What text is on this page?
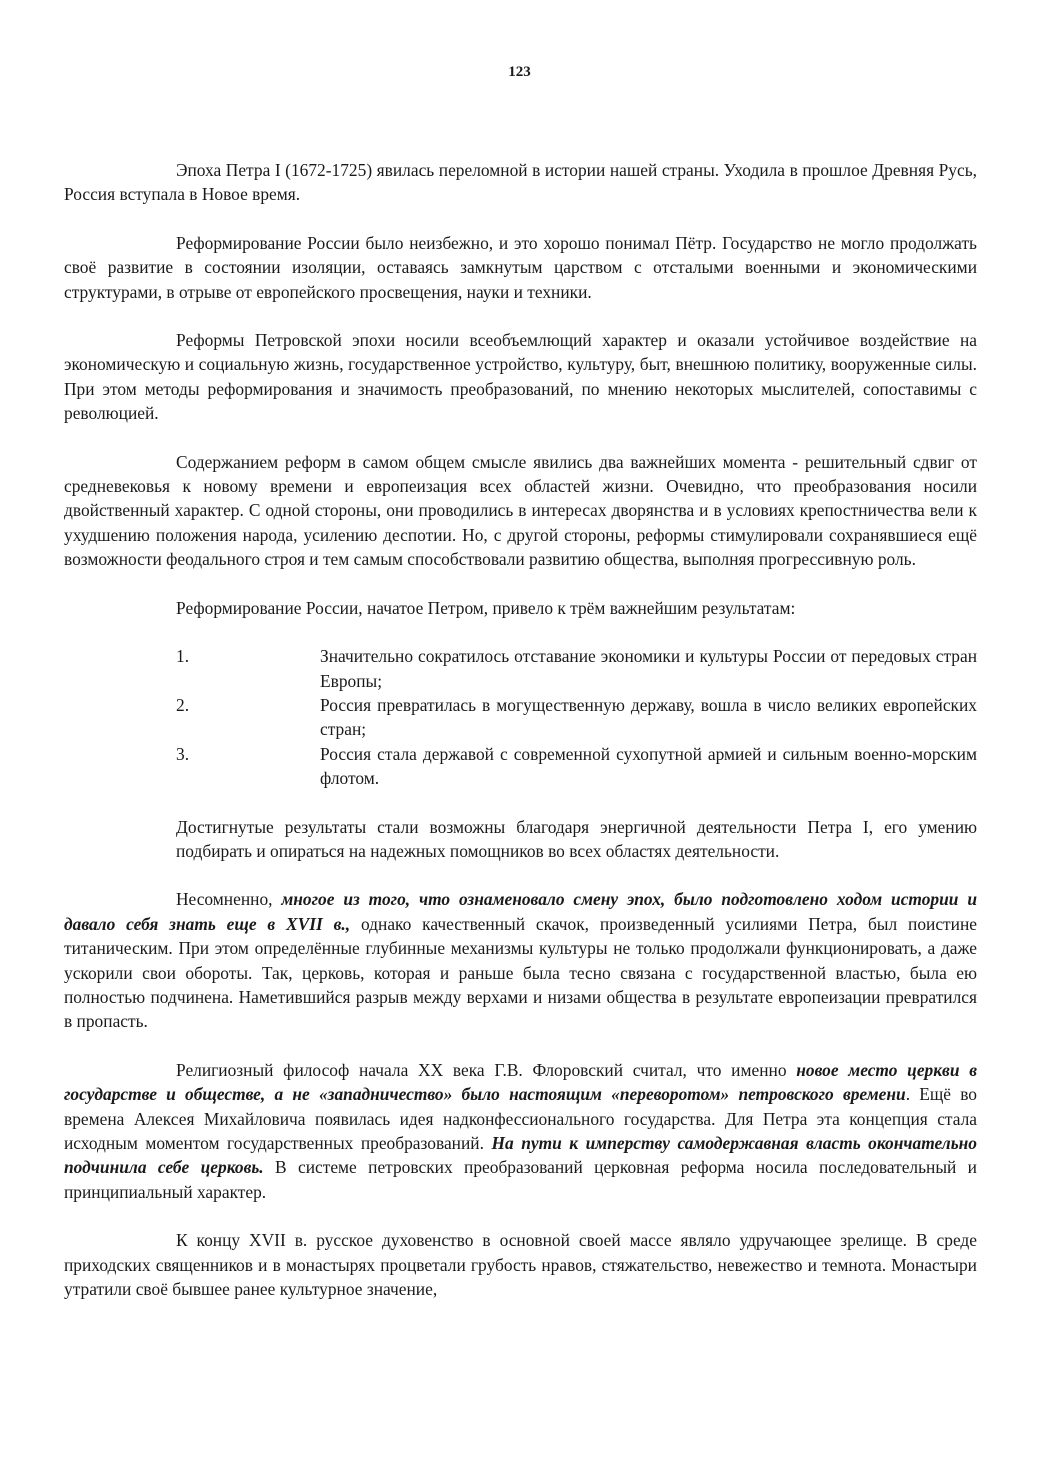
123

Эпоха Петра I (1672-1725) явилась переломной в истории нашей страны. Уходила в прошлое Древняя Русь, Россия вступала в Новое время.

Реформирование России было неизбежно, и это хорошо понимал Пётр. Государство не могло продолжать своё развитие в состоянии изоляции, оставаясь замкнутым царством с отсталыми военными и экономическими структурами, в отрыве от европейского просвещения, науки и техники.

Реформы Петровской эпохи носили всеобъемлющий характер и оказали устойчивое воздействие на экономическую и социальную жизнь, государственное устройство, культуру, быт, внешнюю политику, вооруженные силы. При этом методы реформирования и значимость преобразований, по мнению некоторых мыслителей, сопоставимы с революцией.

Содержанием реформ в самом общем смысле явились два важнейших момента - решительный сдвиг от средневековья к новому времени и европеизация всех областей жизни. Очевидно, что преобразования носили двойственный характер. С одной стороны, они проводились в интересах дворянства и в условиях крепостничества вели к ухудшению положения народа, усилению деспотии. Но, с другой стороны, реформы стимулировали сохранявшиеся ещё возможности феодального строя и тем самым способствовали развитию общества, выполняя прогрессивную роль.

Реформирование России, начатое Петром, привело к трём важнейшим результатам:

1.	Значительно сократилось отставание экономики и культуры России от передовых стран Европы;
2.	Россия превратилась в могущественную державу, вошла в число великих европейских стран;
3.	Россия стала державой с современной сухопутной армией и сильным военно-морским флотом.

Достигнутые результаты стали возможны благодаря энергичной деятельности Петра I, его умению подбирать и опираться на надежных помощников во всех областях деятельности.

Несомненно, многое из того, что ознаменовало смену эпох, было подготовлено ходом истории и давало себя знать еще в XVII в., однако качественный скачок, произведенный усилиями Петра, был поистине титаническим. При этом определённые глубинные механизмы культуры не только продолжали функционировать, а даже ускорили свои обороты. Так, церковь, которая и раньше была тесно связана с государственной властью, была ею полностью подчинена. Наметившийся разрыв между верхами и низами общества в результате европеизации превратился в пропасть.

Религиозный философ начала XX века Г.В. Флоровский считал, что именно новое место церкви в государстве и обществе, а не «западничество» было настоящим «переворотом» петровского времени. Ещё во времена Алексея Михайловича появилась идея надконфессионального государства. Для Петра эта концепция стала исходным моментом государственных преобразований. На пути к имперству самодержавная власть окончательно подчинила себе церковь. В системе петровских преобразований церковная реформа носила последовательный и принципиальный характер.

К концу XVII в. русское духовенство в основной своей массе являло удручающее зрелище. В среде приходских священников и в монастырях процветали грубость нравов, стяжательство, невежество и темнота. Монастыри утратили своё бывшее ранее культурное значение,
